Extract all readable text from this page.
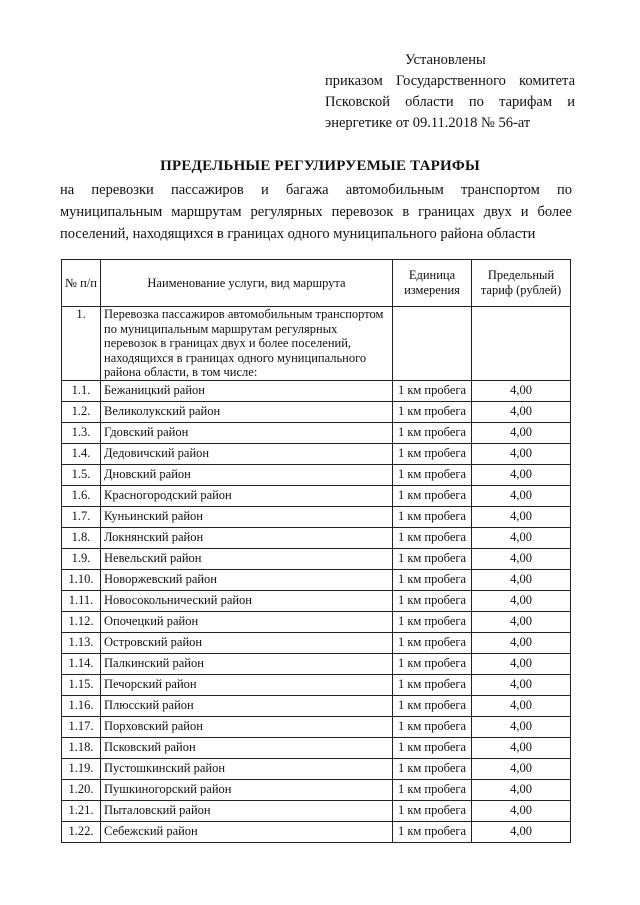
Установлены
приказом Государственного комитета
Псковской области по тарифам и
энергетике от 09.11.2018 № 56-ат
ПРЕДЕЛЬНЫЕ РЕГУЛИРУЕМЫЕ ТАРИФЫ
на перевозки пассажиров и багажа автомобильным транспортом по
муниципальным маршрутам регулярных перевозок в границах двух и более
поселений, находящихся в границах одного муниципального района области
№ п/п	Наименование услуги, вид маршрута	Единица измерения	Предельный тариф (рублей)
1.	Перевозка пассажиров автомобильным транспортом по муниципальным маршрутам регулярных перевозок в границах двух и более поселений, находящихся в границах одного муниципального района области, в том числе:		
1.1.	Бежаницкий район	1 км пробега	4,00
1.2.	Великолукский район	1 км пробега	4,00
1.3.	Гдовский район	1 км пробега	4,00
1.4.	Дедовичский район	1 км пробега	4,00
1.5.	Дновский район	1 км пробега	4,00
1.6.	Красногородский район	1 км пробега	4,00
1.7.	Куньинский район	1 км пробега	4,00
1.8.	Локнянский район	1 км пробега	4,00
1.9.	Невельский район	1 км пробега	4,00
1.10.	Новоржевский район	1 км пробега	4,00
1.11.	Новосокольнический район	1 км пробега	4,00
1.12.	Опочецкий район	1 км пробега	4,00
1.13.	Островский район	1 км пробега	4,00
1.14.	Палкинский район	1 км пробега	4,00
1.15.	Печорский район	1 км пробега	4,00
1.16.	Плюсский район	1 км пробега	4,00
1.17.	Порховский район	1 км пробега	4,00
1.18.	Псковский район	1 км пробега	4,00
1.19.	Пустошкинский район	1 км пробега	4,00
1.20.	Пушкиногорский район	1 км пробега	4,00
1.21.	Пыталовский район	1 км пробега	4,00
1.22.	Себежский район	1 км пробега	4,00
